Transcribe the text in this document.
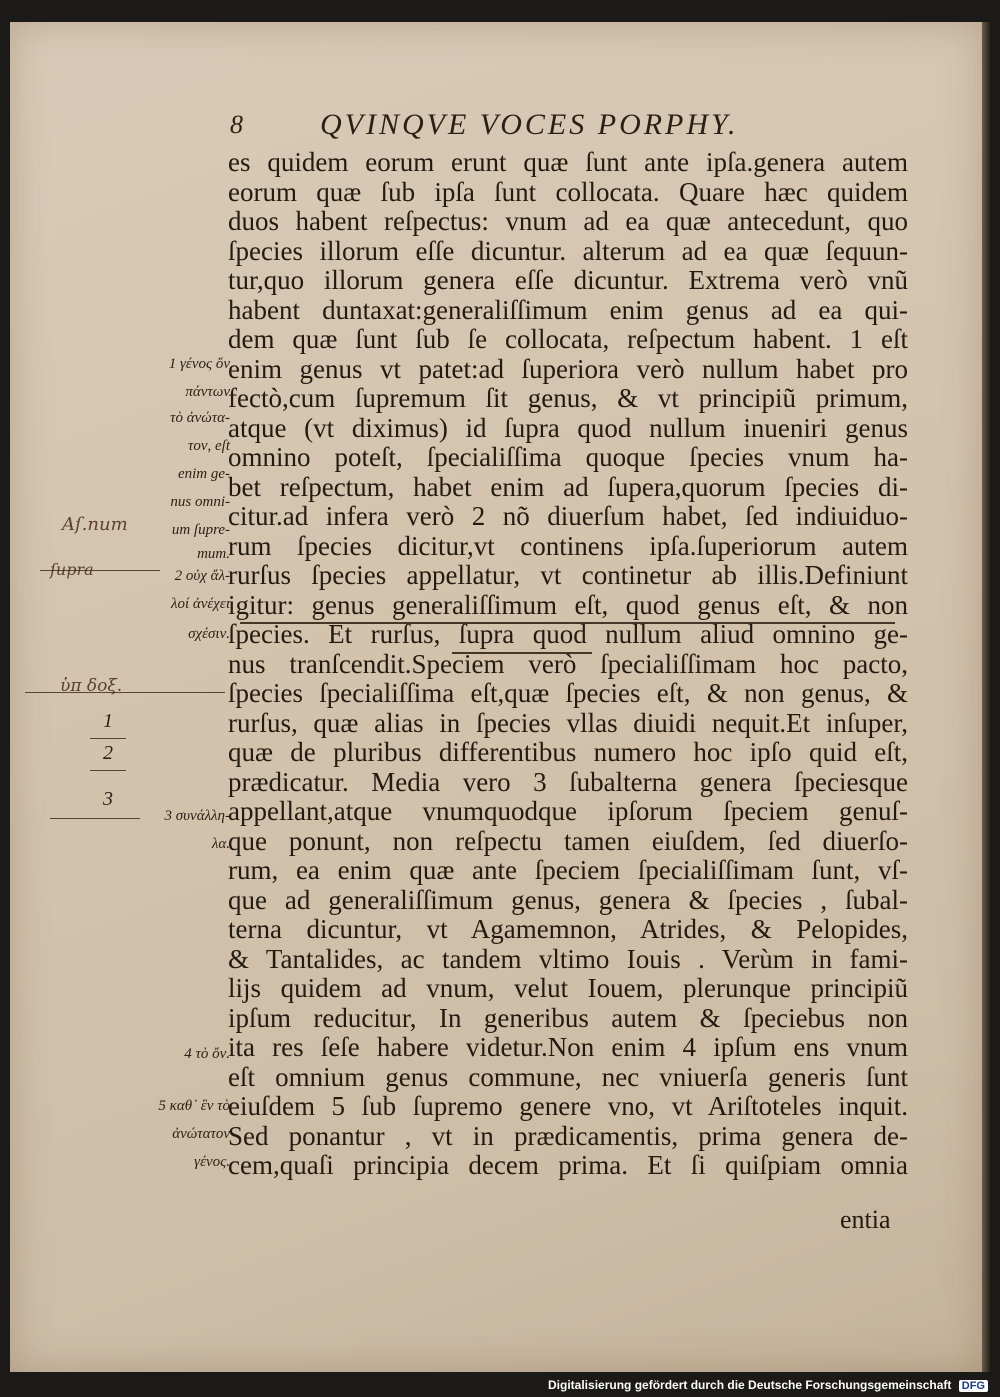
8	QVINQVE VOCES PORPHY.
es quidem eorum erunt quæ ſunt ante ipſa.genera autem
eorum quæ ſub ipſa ſunt collocata. Quare hæc quidem
duos habent reſpectus: vnum ad ea quæ antecedunt, quo
ſpecies illorum eſſe dicuntur. alterum ad ea quæ ſequun-
tur,quo illorum genera eſſe dicuntur. Extrema verò vnũ
habent duntaxat:generaliſſimum enim genus ad ea qui-
dem quæ ſunt ſub ſe collocata, reſpectum habent. 1 eſt
enim genus vt patet:ad ſuperiora verò nullum habet pro
fectò,cum ſupremum ſit genus, & vt principiũ primum,
atque (vt diximus) id ſupra quod nullum inueniri genus
omnino poteſt, ſpecialiſſima quoque ſpecies vnum ha-
bet reſpectum, habet enim ad ſupera,quorum ſpecies di-
citur.ad infera verò 2 nõ diuerſum habet, ſed indiuiduo-
rum ſpecies dicitur,vt continens ipſa.ſuperiorum autem
rurſus ſpecies appellatur, vt continetur ab illis.Definiunt
igitur: genus generaliſſimum eſt, quod genus eſt, & non
ſpecies. Et rurſus, ſupra quod nullum aliud omnino ge-
nus tranſcendit.Speciem verò ſpecialiſſimam hoc pacto,
ſpecies ſpecialiſſima eſt,quæ ſpecies eſt, & non genus, &
rurſus, quæ alias in ſpecies vllas diuidi nequit.Et inſuper,
quæ de pluribus differentibus numero hoc ipſo quid eſt,
prædicatur. Media vero 3 ſubalterna genera ſpeciesque
appellant,atque vnumquodque ipſorum ſpeciem genuſ-
que ponunt, non reſpectu tamen eiuſdem, ſed diuerſo-
rum, ea enim quæ ante ſpeciem ſpecialiſſimam ſunt, vſ-
que ad generaliſſimum genus, genera & ſpecies , ſubal-
terna dicuntur, vt Agamemnon, Atrides, & Pelopides,
& Tantalides, ac tandem vltimo Iouis . Verùm in fami-
lijs quidem ad vnum, velut Iouem, plerunque principiũ
ipſum reducitur, In generibus autem & ſpeciebus non
ita res ſeſe habere videtur.Non enim 4 ipſum ens vnum
eſt omnium genus commune, nec vniuerſa generis ſunt
eiuſdem 5 ſub ſupremo genere vno, vt Ariſtoteles inquit.
Sed ponantur , vt in prædicamentis, prima genera de-
cem,quaſi principia decem prima. Et ſi quiſpiam omnia
entia
1 γένος ὄν
πάντων
τὸ ἀνώτα-
τον, eſt
enim ge-
nus omni-
um ſupre-
mum.
2 οὐχ ἄλ-
λοί ἀνέχει
σχέσιν.
3 συνάλλη-
λα.
4 τὸ ὄν.
5 καθ᾽ ἓν τὸ
ἀνώτατον
γένος.
Aſ.num
ſupra
ὑπ δοξ.
1
2
3
Digitalisierung gefördert durch die Deutsche Forschungsgemeinschaft DFG
